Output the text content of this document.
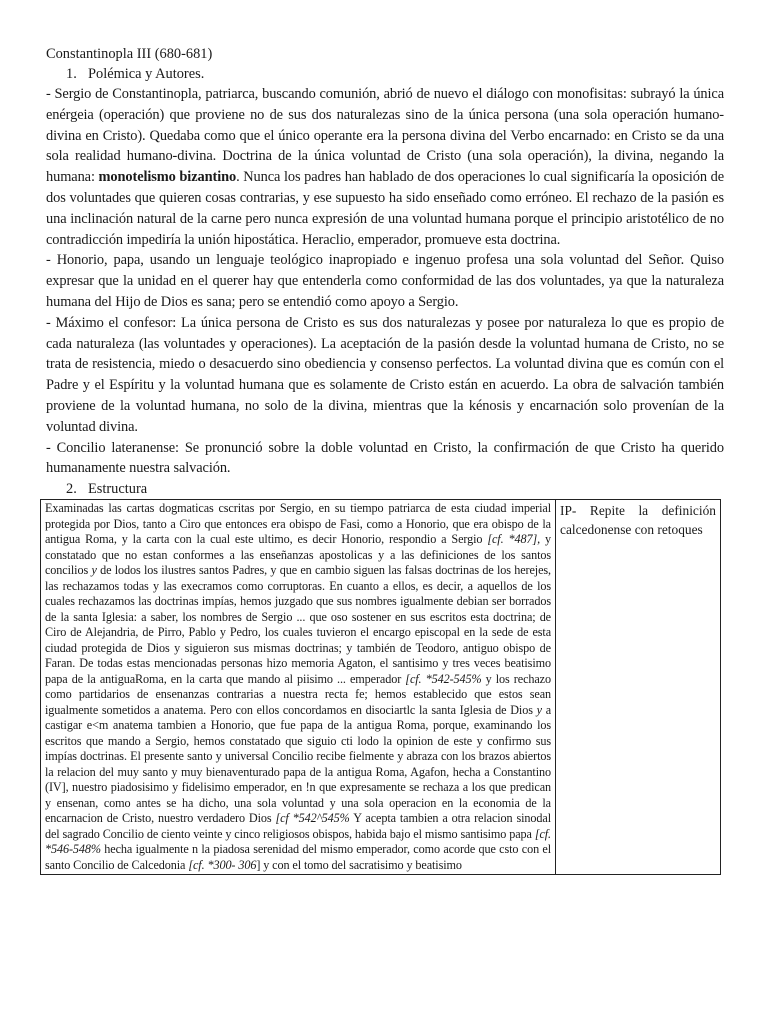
Constantinopla III (680-681)

1. Polémica y Autores.

- Sergio de Constantinopla, patriarca, buscando comunión, abrió de nuevo el diálogo con monofisitas: subrayó la única enérgeia (operación) que proviene no de sus dos naturalezas sino de la única persona (una sola operación humano-divina en Cristo). Quedaba como que el único operante era la persona divina del Verbo encarnado: en Cristo se da una sola realidad humano-divina. Doctrina de la única voluntad de Cristo (una sola operación), la divina, negando la humana: monotelismo bizantino. Nunca los padres han hablado de dos operaciones lo cual significaría la oposición de dos voluntades que quieren cosas contrarias, y ese supuesto ha sido enseñado como erróneo. El rechazo de la pasión es una inclinación natural de la carne pero nunca expresión de una voluntad humana porque el principio aristotélico de no contradicción impediría la unión hipostática. Heraclio, emperador, promueve esta doctrina.

- Honorio, papa, usando un lenguaje teológico inapropiado e ingenuo profesa una sola voluntad del Señor. Quiso expresar que la unidad en el querer hay que entenderla como conformidad de las dos voluntades, ya que la naturaleza humana del Hijo de Dios es sana; pero se entendió como apoyo a Sergio.

- Máximo el confesor: La única persona de Cristo es sus dos naturalezas y posee por naturaleza lo que es propio de cada naturaleza (las voluntades y operaciones). La aceptación de la pasión desde la voluntad humana de Cristo, no se trata de resistencia, miedo o desacuerdo sino obediencia y consenso perfectos. La voluntad divina que es común con el Padre y el Espíritu y la voluntad humana que es solamente de Cristo están en acuerdo. La obra de salvación también proviene de la voluntad humana, no solo de la divina, mientras que la kénosis y encarnación solo provenían de la voluntad divina.

- Concilio lateranense: Se pronunció sobre la doble voluntad en Cristo, la confirmación de que Cristo ha querido humanamente nuestra salvación.

2. Estructura
Examinadas las cartas dogmaticas cscritas por Sergio, en su tiempo patriarca de esta ciudad imperial protegida por Dios, tanto a Ciro que entonces era obispo de Fasi, como a Honorio, que era obispo de la antigua Roma, y la carta con la cual este ultimo, es decir Honorio, respondio a Sergio [cf. *487], y constatado que no estan conformes a las enseñanzas apostolicas y a las definiciones de los santos concilios y de lodos los ilustres santos Padres, y que en cambio siguen las falsas doctrinas de los herejes, las rechazamos todas y las execramos como corruptoras. En cuanto a ellos, es decir, a aquellos de los cuales rechazamos las doctrinas impías, hemos juzgado que sus nombres igualmente debian ser borrados de la santa Iglesia: a saber, los nombres de Sergio ... que oso sostener en sus escritos esta doctrina; de Ciro de Alejandria, de Pirro, Pablo y Pedro, los cuales tuvieron el encargo episcopal en la sede de esta ciudad protegida de Dios y siguieron sus mismas doctrinas; y también de Teodoro, antiguo obispo de Faran. De todas estas mencionadas personas hizo memoria Agaton, el santisimo y tres veces beatisimo papa de la antiguaRoma, en la carta que mando al piisimo ... emperador [cf. *542-545% y los rechazo como partidarios de ensenanzas contrarias a nuestra recta fe; hemos establecido que estos sean igualmente sometidos a anatema. Pero con ellos concordamos en disociartlc la santa Iglesia de Dios y a castigar e<m anatema tambien a Honorio, que fue papa de la antigua Roma, porque, examinando los escritos que mando a Sergio, hemos constatado que siguio cti lodo la opinion de este y confirmo sus impías doctrinas. El presente santo y universal Concilio recibe fielmente y abraza con los brazos abiertos la relacion del muy santo y muy bienaventurado papa de la antigua Roma, Agafon, hecha a Constantino (IV], nuestro piadosisimo y fidelisimo emperador, en !n que expresamente se rechaza a los que predican y ensenan, como antes se ha dicho, una sola voluntad y una sola operacion en la economia de la encarnacion de Cristo, nuestro verdadero Dios [cf *542^545% Y acepta tambien a otra relacion sinodal del sagrado Concilio de ciento veinte y cinco religiosos obispos, habida bajo el mismo santisimo papa [cf. *546-548% hecha igualmente n la piadosa serenidad del mismo emperador, como acorde que csto con el santo Concilio de Calcedonia [cf. *300- 306] y con el tomo del sacratisimo y beatisimo	IP- Repite la definición calcedonense con retoques
